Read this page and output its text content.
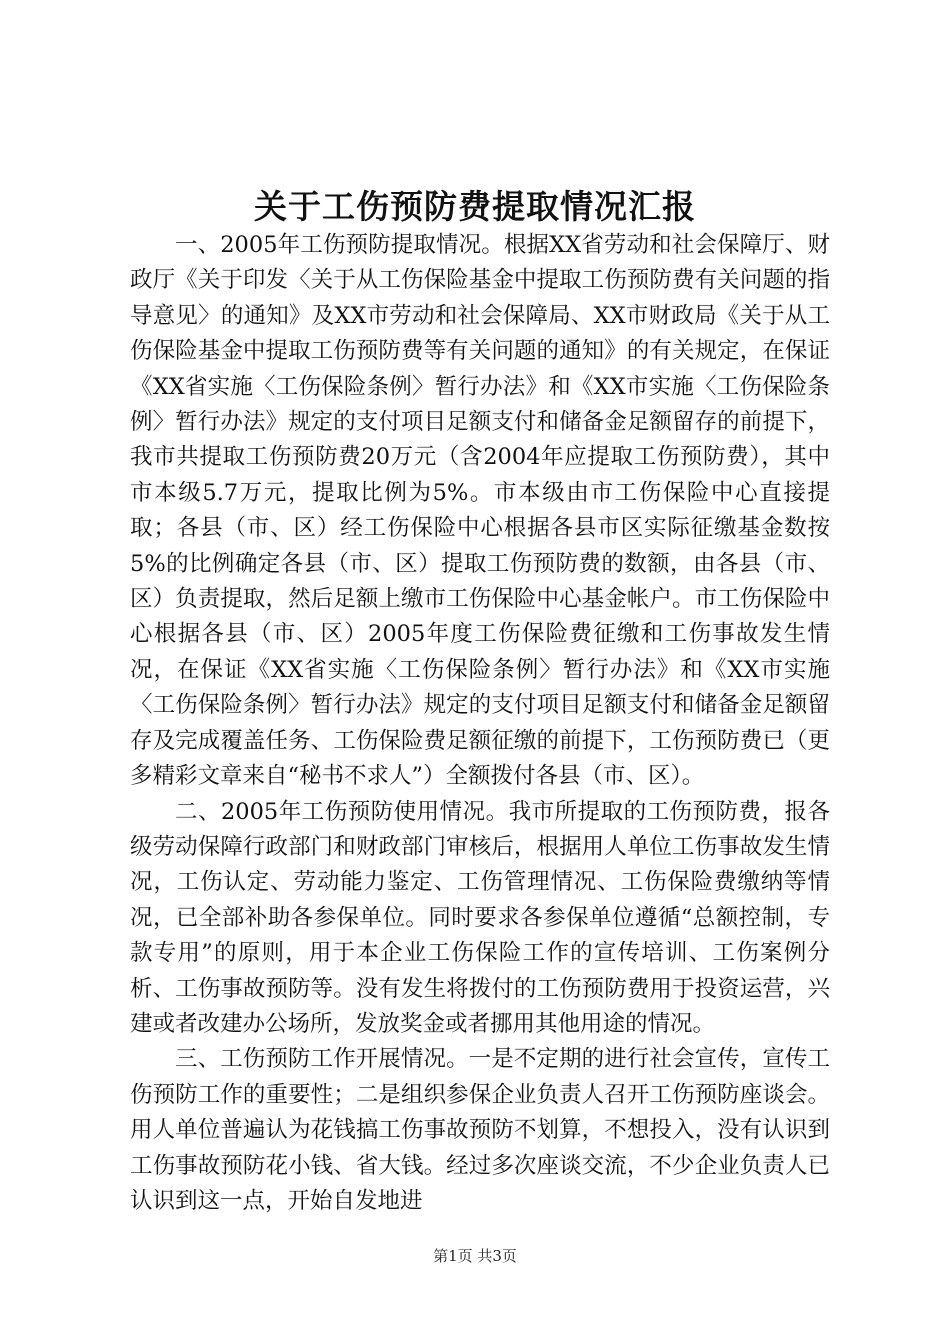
关于工伤预防费提取情况汇报

一、2005年工伤预防提取情况。根据XX省劳动和社会保障厅、财政厅《关于印发〈关于从工伤保险基金中提取工伤预防费有关问题的指导意见〉的通知》及XX市劳动和社会保障局、XX市财政局《关于从工伤保险基金中提取工伤预防费等有关问题的通知》的有关规定，在保证《XX省实施〈工伤保险条例〉暂行办法》和《XX市实施〈工伤保险条例〉暂行办法》规定的支付项目足额支付和储备金足额留存的前提下，我市共提取工伤预防费20万元（含2004年应提取工伤预防费），其中市本级5.7万元，提取比例为5%。市本级由市工伤保险中心直接提取；各县（市、区）经工伤保险中心根据各县市区实际征缴基金数按5%的比例确定各县（市、区）提取工伤预防费的数额，由各县（市、区）负责提取，然后足额上缴市工伤保险中心基金帐户。市工伤保险中心根据各县（市、区）2005年度工伤保险费征缴和工伤事故发生情况，在保证《XX省实施〈工伤保险条例〉暂行办法》和《XX市实施〈工伤保险条例〉暂行办法》规定的支付项目足额支付和储备金足额留存及完成覆盖任务、工伤保险费足额征缴的前提下，工伤预防费已（更多精彩文章来自“秘书不求人”）全额拨付各县（市、区）。

二、2005年工伤预防使用情况。我市所提取的工伤预防费，报各级劳动保障行政部门和财政部门审核后，根据用人单位工伤事故发生情况，工伤认定、劳动能力鉴定、工伤管理情况、工伤保险费缴纳等情况，已全部补助各参保单位。同时要求各参保单位遵循“总额控制，专款专用”的原则，用于本企业工伤保险工作的宣传培训、工伤案例分析、工伤事故预防等。没有发生将拨付的工伤预防费用于投资运营，兴建或者改建办公场所，发放奖金或者挪用其他用途的情况。

三、工伤预防工作开展情况。一是不定期的进行社会宣传，宣传工伤预防工作的重要性；二是组织参保企业负责人召开工伤预防座谈会。用人单位普遍认为花钱搞工伤事故预防不划算，不想投入，没有认识到工伤事故预防花小钱、省大钱。经过多次座谈交流，不少企业负责人已认识到这一点，开始自发地进

第1页 共3页
